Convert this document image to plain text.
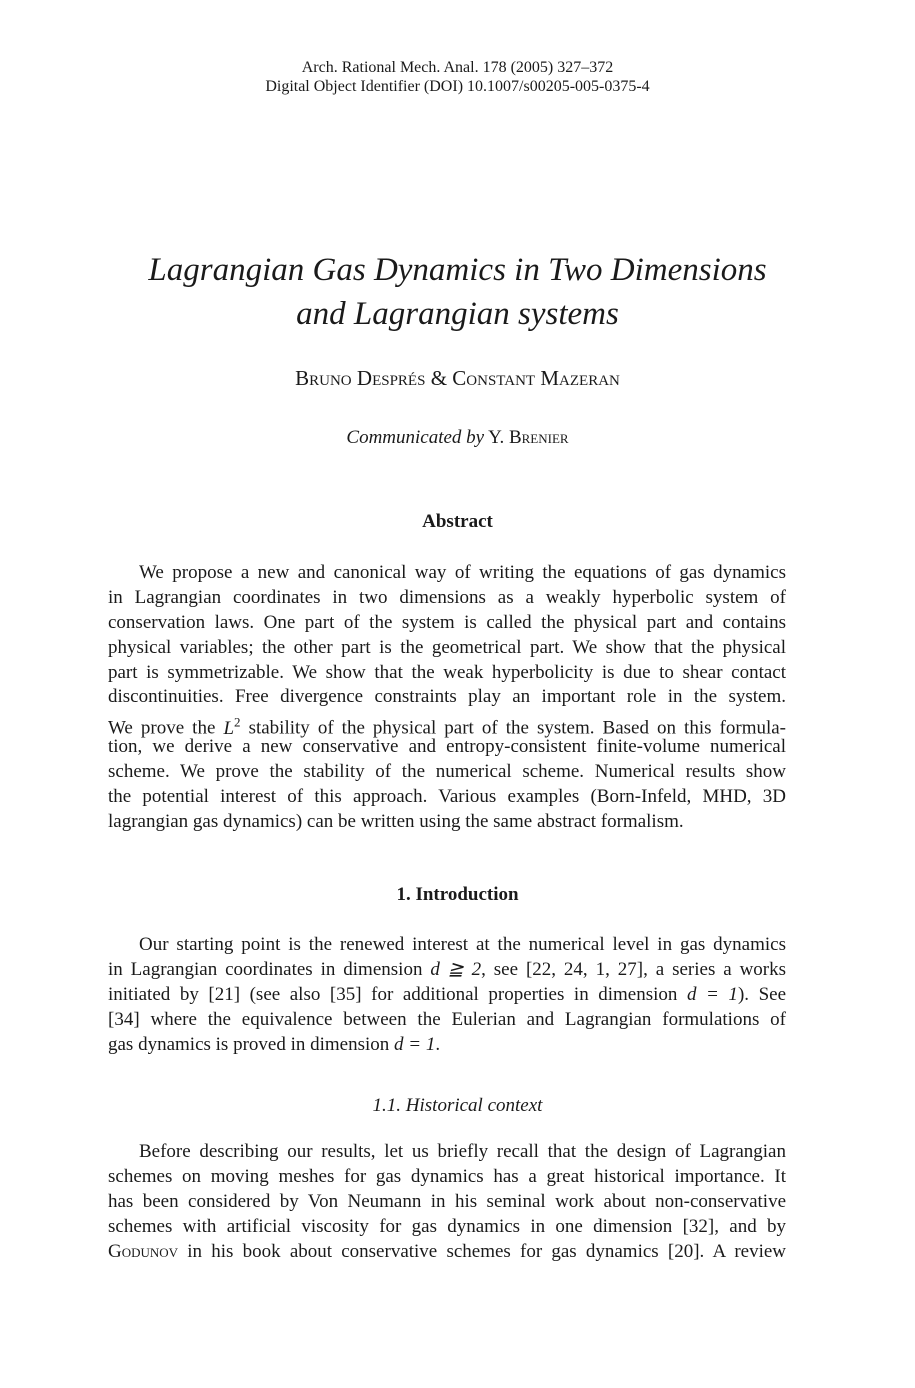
Arch. Rational Mech. Anal. 178 (2005) 327–372
Digital Object Identifier (DOI) 10.1007/s00205-005-0375-4
Lagrangian Gas Dynamics in Two Dimensions
and Lagrangian systems
Bruno Després & Constant Mazeran
Communicated by Y. Brenier
Abstract
We propose a new and canonical way of writing the equations of gas dynamics
in Lagrangian coordinates in two dimensions as a weakly hyperbolic system of
conservation laws. One part of the system is called the physical part and contains
physical variables; the other part is the geometrical part. We show that the physical
part is symmetrizable. We show that the weak hyperbolicity is due to shear contact
discontinuities. Free divergence constraints play an important role in the system.
We prove the $L^2$ stability of the physical part of the system. Based on this formula-
tion, we derive a new conservative and entropy-consistent finite-volume numerical
scheme. We prove the stability of the numerical scheme. Numerical results show
the potential interest of this approach. Various examples (Born-Infeld, MHD, 3D
lagrangian gas dynamics) can be written using the same abstract formalism.
1. Introduction
Our starting point is the renewed interest at the numerical level in gas dynamics
in Lagrangian coordinates in dimension d ≧ 2, see [22, 24, 1, 27], a series a works
initiated by [21] (see also [35] for additional properties in dimension d = 1). See
[34] where the equivalence between the Eulerian and Lagrangian formulations of
gas dynamics is proved in dimension d = 1.
1.1. Historical context
Before describing our results, let us briefly recall that the design of Lagrangian
schemes on moving meshes for gas dynamics has a great historical importance. It
has been considered by Von Neumann in his seminal work about non-conservative
schemes with artificial viscosity for gas dynamics in one dimension [32], and by
Godunov in his book about conservative schemes for gas dynamics [20]. A review
